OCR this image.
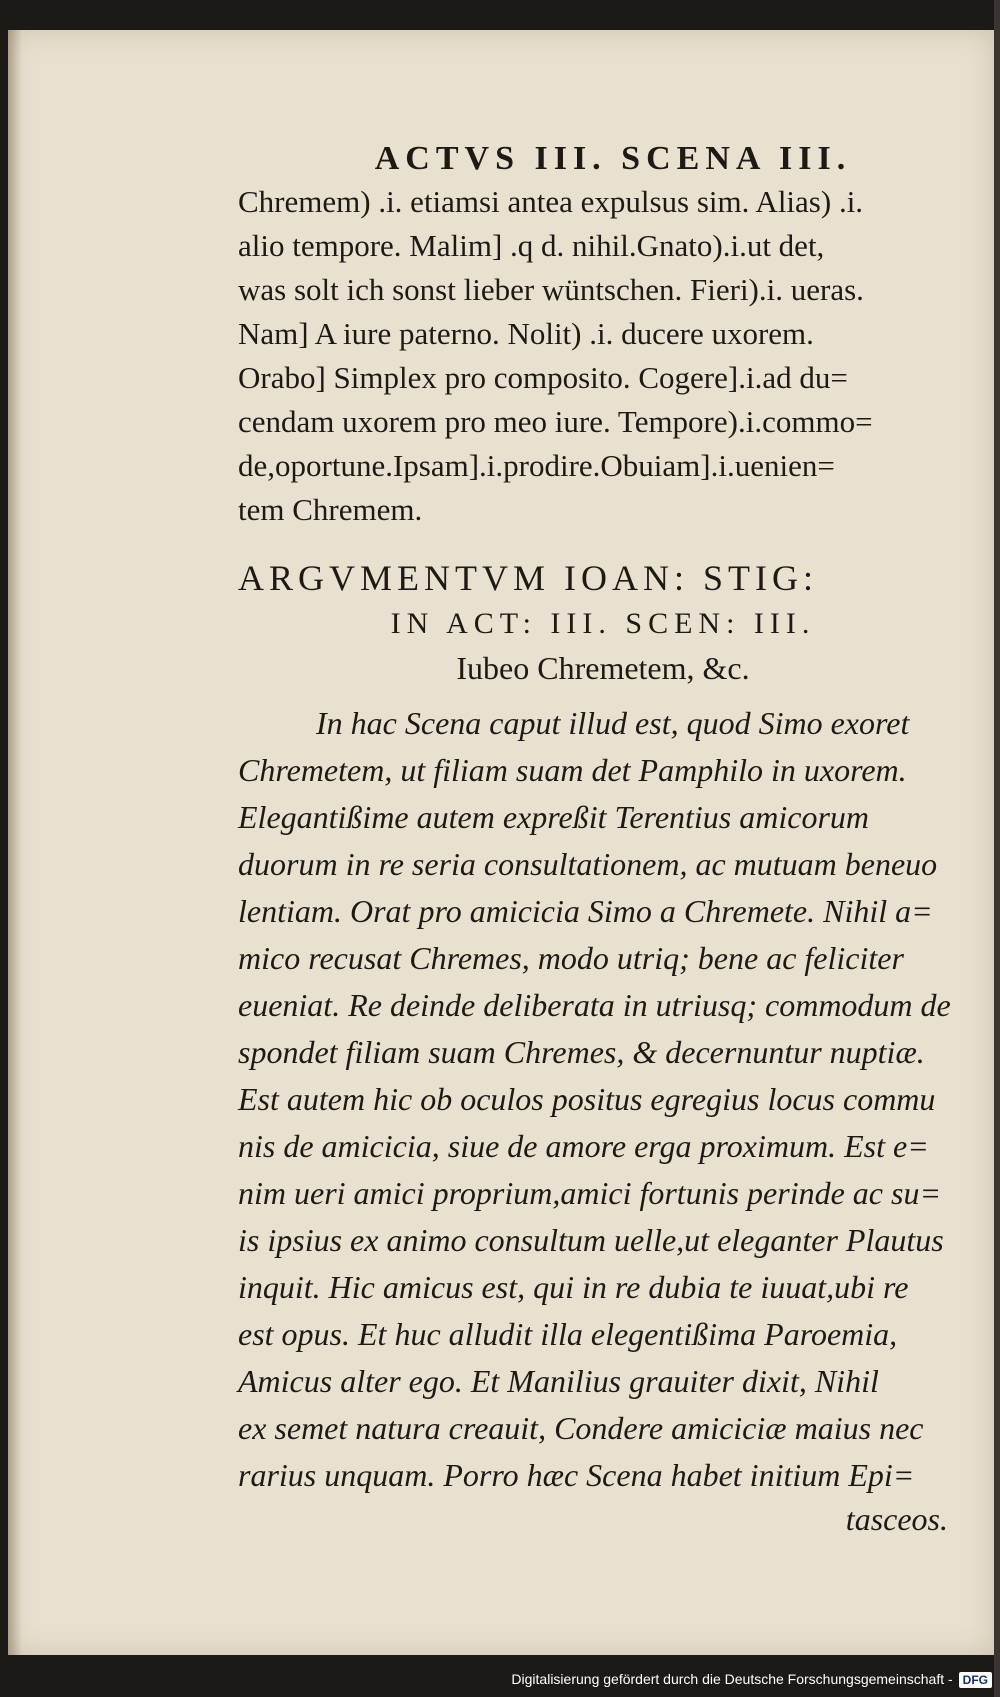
ACTVS III. SCENA III.

Chremem) .i. etiamsi antea expulsus sim. Alias) .i.

alio tempore. Malim] .q d. nihil.Gnato).i.ut det,

was solt ich sonst lieber wüntschen. Fieri).i. ueras.

Nam] A iure paterno. Nolit) .i. ducere uxorem.

Orabo] Simplex pro composito. Cogere].i.ad du=

cendam uxorem pro meo iure. Tempore).i.commo=

de,oportune.Ipsam].i.prodire.Obuiam].i.uenien=

tem Chremem.

ARGVMENTVM IOAN: STIG:
IN ACT: III. SCEN: III.
Iubeo Chremetem, &c.

In hac Scena caput illud est, quod Simo exoret

Chremetem, ut filiam suam det Pamphilo in uxorem.

Elegantißime autem expreßit Terentius amicorum

duorum in re seria consultationem, ac mutuam beneuo

lentiam. Orat pro amicicia Simo a Chremete. Nihil a=

mico recusat Chremes, modo utriq; bene ac feliciter

eueniat. Re deinde deliberata in utriusq; commodum de

spondet filiam suam Chremes, & decernuntur nuptiæ.

Est autem hic ob oculos positus egregius locus commu

nis de amicicia, siue de amore erga proximum. Est e=

nim ueri amici proprium,amici fortunis perinde ac su=

is ipsius ex animo consultum uelle,ut eleganter Plautus

inquit. Hic amicus est, qui in re dubia te iuuat,ubi re

est opus. Et huc alludit illa elegentißima Paroemia,

Amicus alter ego. Et Manilius grauiter dixit, Nihil

ex semet natura creauit, Condere amiciciæ maius nec

rarius unquam. Porro hæc Scena habet initium Epi=

tasceos.
Digitalisierung gefördert durch die Deutsche Forschungsgemeinschaft - DFG
